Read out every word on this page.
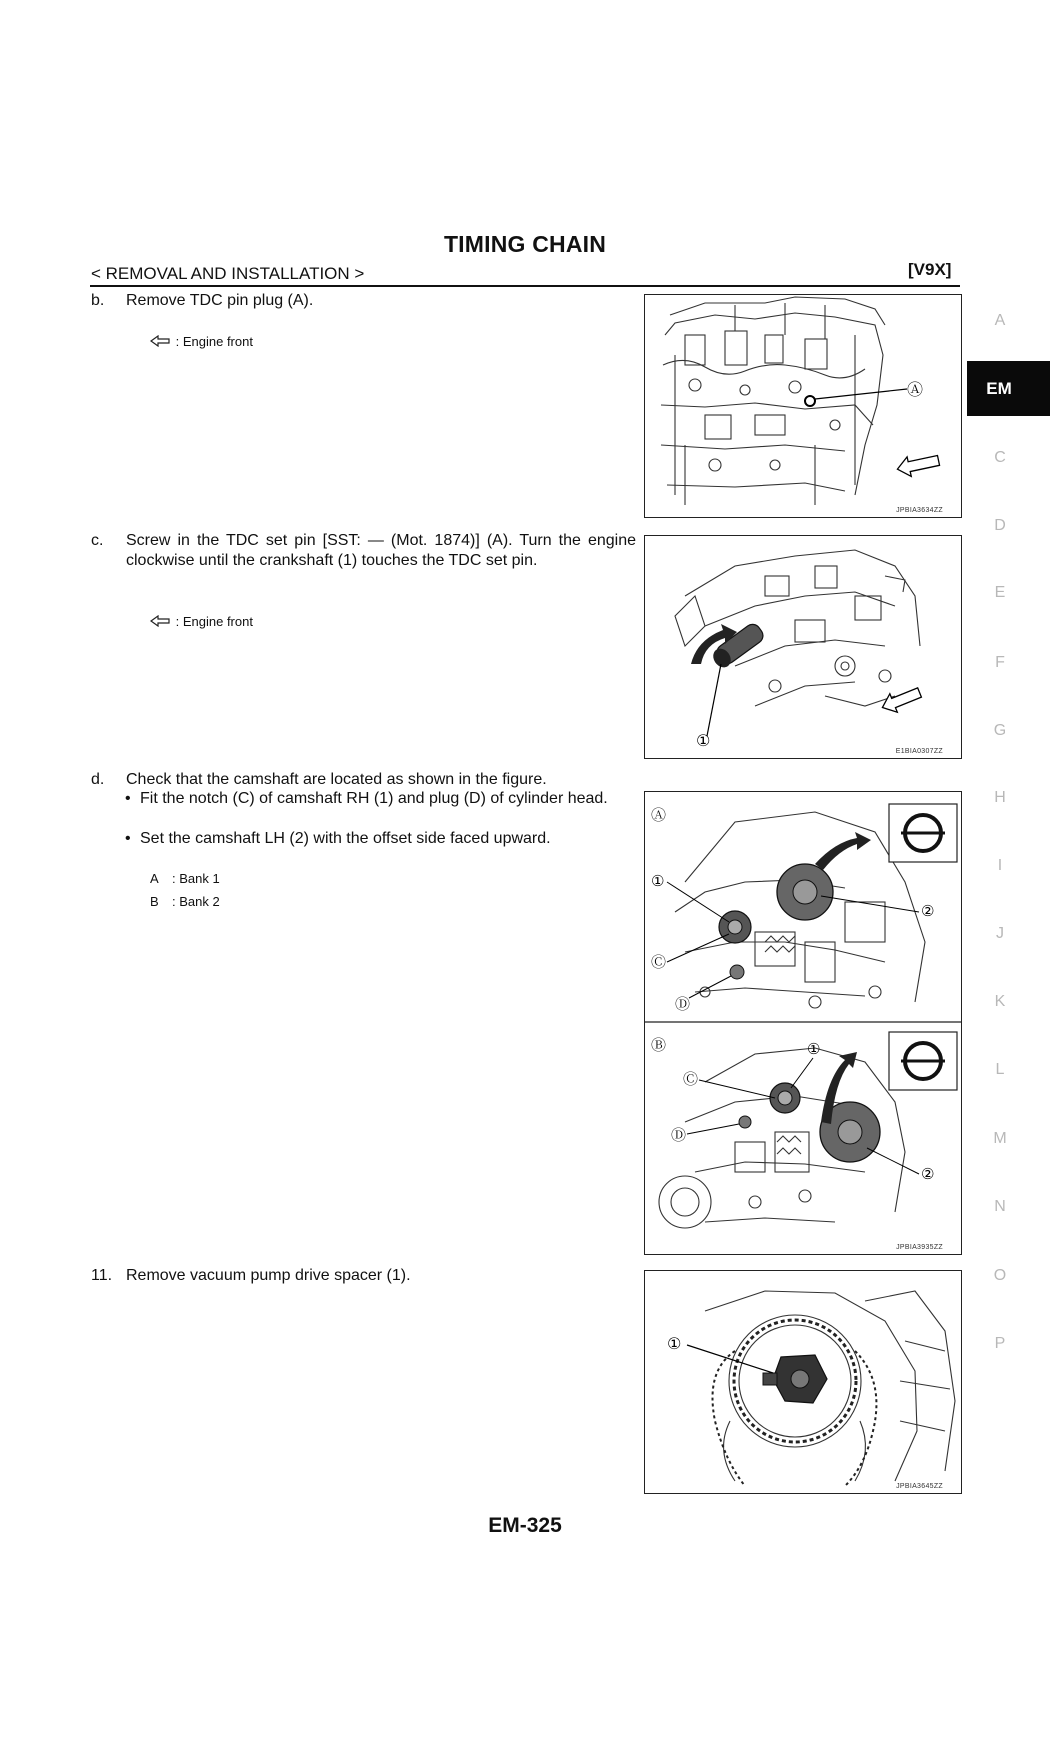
TIMING CHAIN
< REMOVAL AND INSTALLATION >	[V9X]
b. Remove TDC pin plug (A).
: Engine front
Ⓐ
JPBIA3634ZZ
c. Screw in the TDC set pin [SST: — (Mot. 1874)] (A). Turn the engine clockwise until the crankshaft (1) touches the TDC set pin.
: Engine front
①
E1BIA0307ZZ
d. Check that the camshaft are located as shown in the figure.
• Fit the notch (C) of camshaft RH (1) and plug (D) of cylinder head.
• Set the camshaft LH (2) with the offset side faced upward.
A : Bank 1
B : Bank 2
Ⓐ
①
②
Ⓒ
Ⓓ
Ⓑ	①
Ⓒ
Ⓓ
②
JPBIA3935ZZ
11. Remove vacuum pump drive spacer (1).
①
JPBIA3645ZZ
EM
A
C
D
E
F
G
H
I
J
K
L
M
N
O
P
EM-325
